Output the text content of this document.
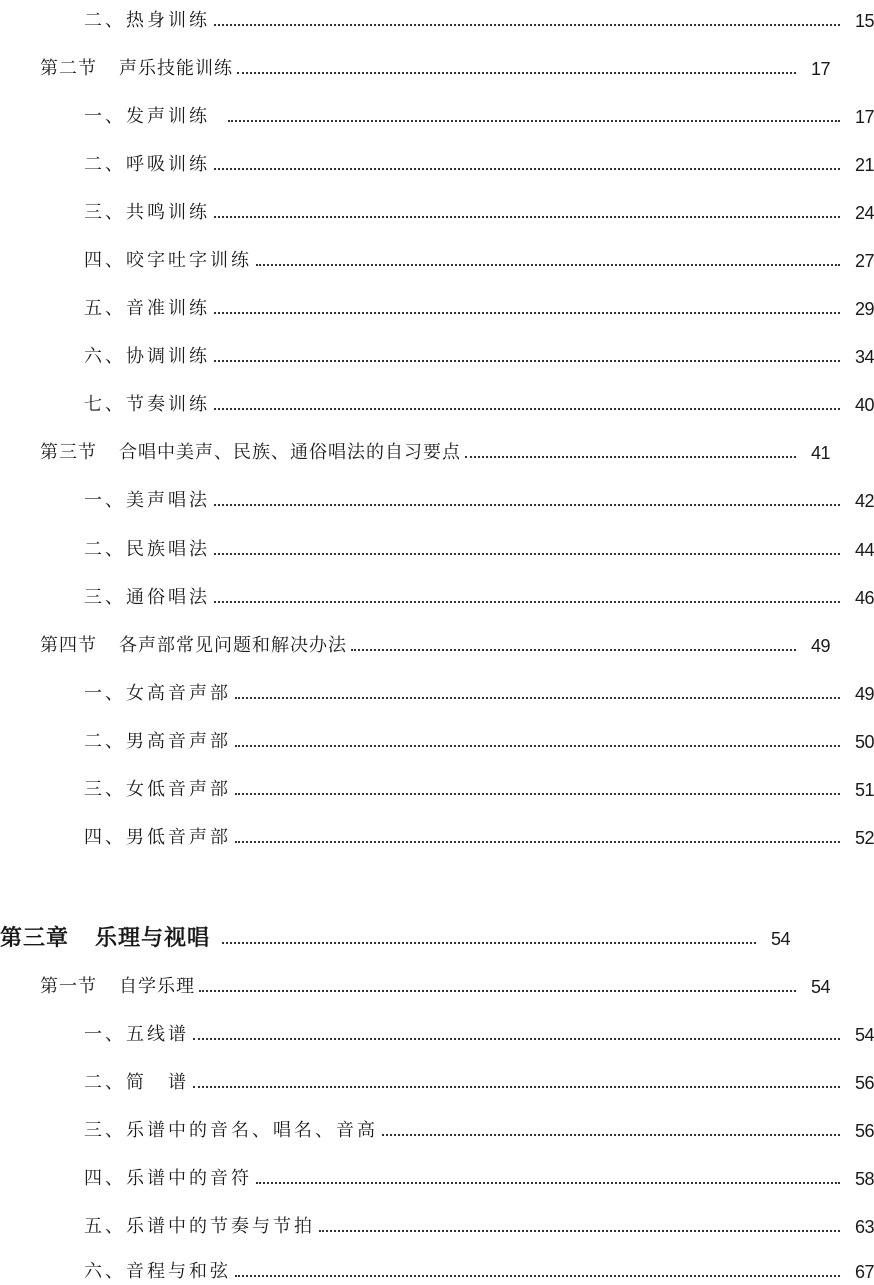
二、热身训练	15
第二节 声乐技能训练	17
一、发声训练	17
二、呼吸训练	21
三、共鸣训练	24
四、咬字吐字训练	27
五、音准训练	29
六、协调训练	34
七、节奏训练	40
第三节 合唱中美声、民族、通俗唱法的自习要点	41
一、美声唱法	42
二、民族唱法	44
三、通俗唱法	46
第四节 各声部常见问题和解决办法	49
一、女高音声部	49
二、男高音声部	50
三、女低音声部	51
四、男低音声部	52
第三章 乐理与视唱	54
第一节 自学乐理	54
一、五线谱	54
二、简　谱	56
三、乐谱中的音名、唱名、音高	56
四、乐谱中的音符	58
五、乐谱中的节奏与节拍	63
六、音程与和弦	67
